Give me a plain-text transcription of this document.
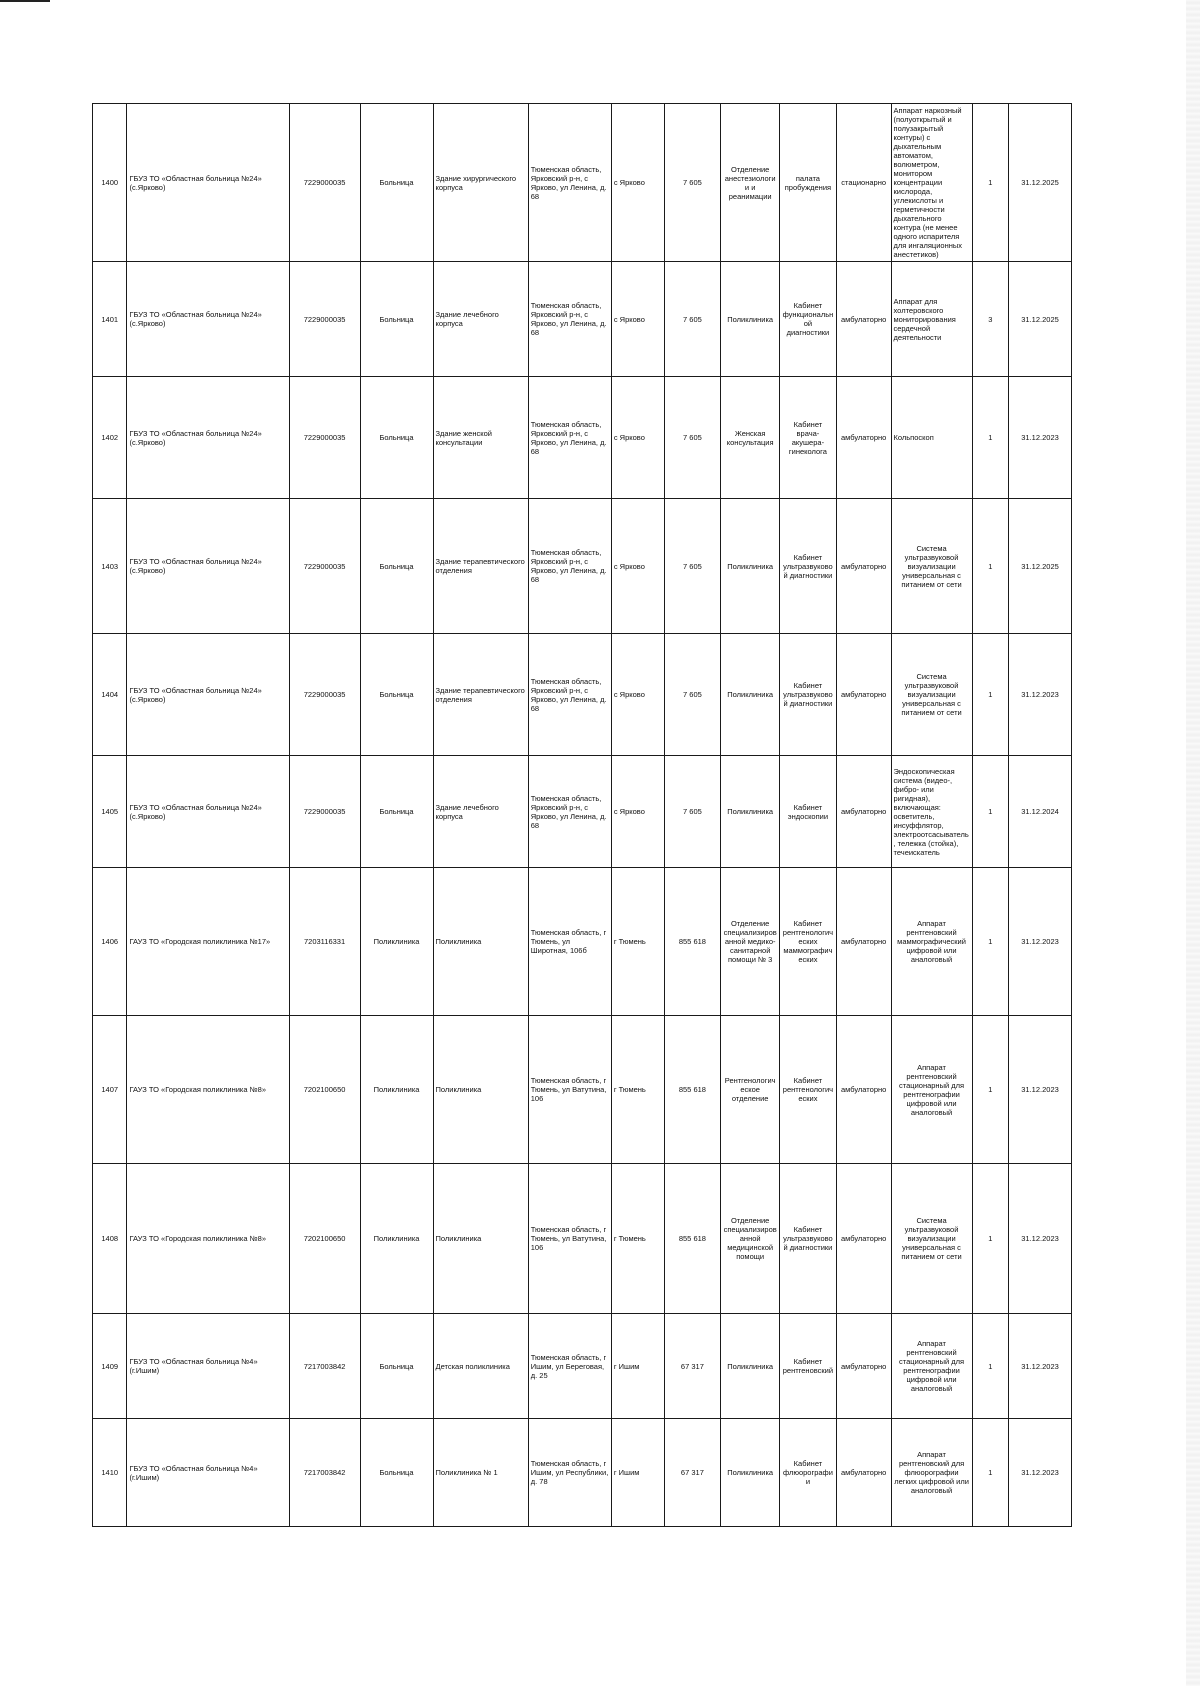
1400	ГБУЗ ТО «Областная больница №24» (с.Ярково)	7229000035	Больница	Здание хирургического корпуса	Тюменская область, Ярковский р-н, с Ярково, ул Ленина, д. 68	с Ярково	7 605	Отделение анестезиологии и реанимации	палата пробуждения	стационарно	Аппарат наркозный (полуоткрытый и полузакрытый контуры) с дыхательным автоматом, волюметром, монитором концентрации кислорода, углекислоты и герметичности дыхательного контура (не менее одного испарителя для ингаляционных анестетиков)	1	31.12.2025
1401	ГБУЗ ТО «Областная больница №24» (с.Ярково)	7229000035	Больница	Здание лечебного корпуса	Тюменская область, Ярковский р-н, с Ярково, ул Ленина, д. 68	с Ярково	7 605	Поликлиника	Кабинет функциональной диагностики	амбулаторно	Аппарат для холтеровского мониторирования сердечной деятельности	3	31.12.2025
1402	ГБУЗ ТО «Областная больница №24» (с.Ярково)	7229000035	Больница	Здание женской консультации	Тюменская область, Ярковский р-н, с Ярково, ул Ленина, д. 68	с Ярково	7 605	Женская консультация	Кабинет врача-акушера-гинеколога	амбулаторно	Кольпоскоп	1	31.12.2023
1403	ГБУЗ ТО «Областная больница №24» (с.Ярково)	7229000035	Больница	Здание терапевтического отделения	Тюменская область, Ярковский р-н, с Ярково, ул Ленина, д. 68	с Ярково	7 605	Поликлиника	Кабинет ультразвуковой диагностики	амбулаторно	Система ультразвуковой визуализации универсальная с питанием от сети	1	31.12.2025
1404	ГБУЗ ТО «Областная больница №24» (с.Ярково)	7229000035	Больница	Здание терапевтического отделения	Тюменская область, Ярковский р-н, с Ярково, ул Ленина, д. 68	с Ярково	7 605	Поликлиника	Кабинет ультразвуковой диагностики	амбулаторно	Система ультразвуковой визуализации универсальная с питанием от сети	1	31.12.2023
1405	ГБУЗ ТО «Областная больница №24» (с.Ярково)	7229000035	Больница	Здание лечебного корпуса	Тюменская область, Ярковский р-н, с Ярково, ул Ленина, д. 68	с Ярково	7 605	Поликлиника	Кабинет эндоскопии	амбулаторно	Эндоскопическая система (видео-, фибро- или ригидная), включающая: осветитель, инсуффлятор, электроотсасыватель, тележка (стойка), течеискатель	1	31.12.2024
1406	ГАУЗ ТО «Городская поликлиника №17»	7203116331	Поликлиника	Поликлиника	Тюменская область, г Тюмень, ул Широтная, 106б	г Тюмень	855 618	Отделение специализированной медико-санитарной помощи № 3	Кабинет рентгенологических маммографических	амбулаторно	Аппарат рентгеновский маммографический цифровой или аналоговый	1	31.12.2023
1407	ГАУЗ ТО «Городская поликлиника №8»	7202100650	Поликлиника	Поликлиника	Тюменская область, г Тюмень, ул Ватутина, 106	г Тюмень	855 618	Рентгенологическое отделение	Кабинет рентгенологических	амбулаторно	Аппарат рентгеновский стационарный для рентгенографии цифровой или аналоговый	1	31.12.2023
1408	ГАУЗ ТО «Городская поликлиника №8»	7202100650	Поликлиника	Поликлиника	Тюменская область, г Тюмень, ул Ватутина, 106	г Тюмень	855 618	Отделение специализированной медицинской помощи	Кабинет ультразвуковой диагностики	амбулаторно	Система ультразвуковой визуализации универсальная с питанием от сети	1	31.12.2023
1409	ГБУЗ ТО «Областная больница №4» (г.Ишим)	7217003842	Больница	Детская поликлиника	Тюменская область, г Ишим, ул Береговая, д. 25	г Ишим	67 317	Поликлиника	Кабинет рентгеновский	амбулаторно	Аппарат рентгеновский стационарный для рентгенографии цифровой или аналоговый	1	31.12.2023
1410	ГБУЗ ТО «Областная больница №4» (г.Ишим)	7217003842	Больница	Поликлиника № 1	Тюменская область, г Ишим, ул Республики, д. 78	г Ишим	67 317	Поликлиника	Кабинет флюорографии	амбулаторно	Аппарат рентгеновский для флюорографии легких цифровой или аналоговый	1	31.12.2023
